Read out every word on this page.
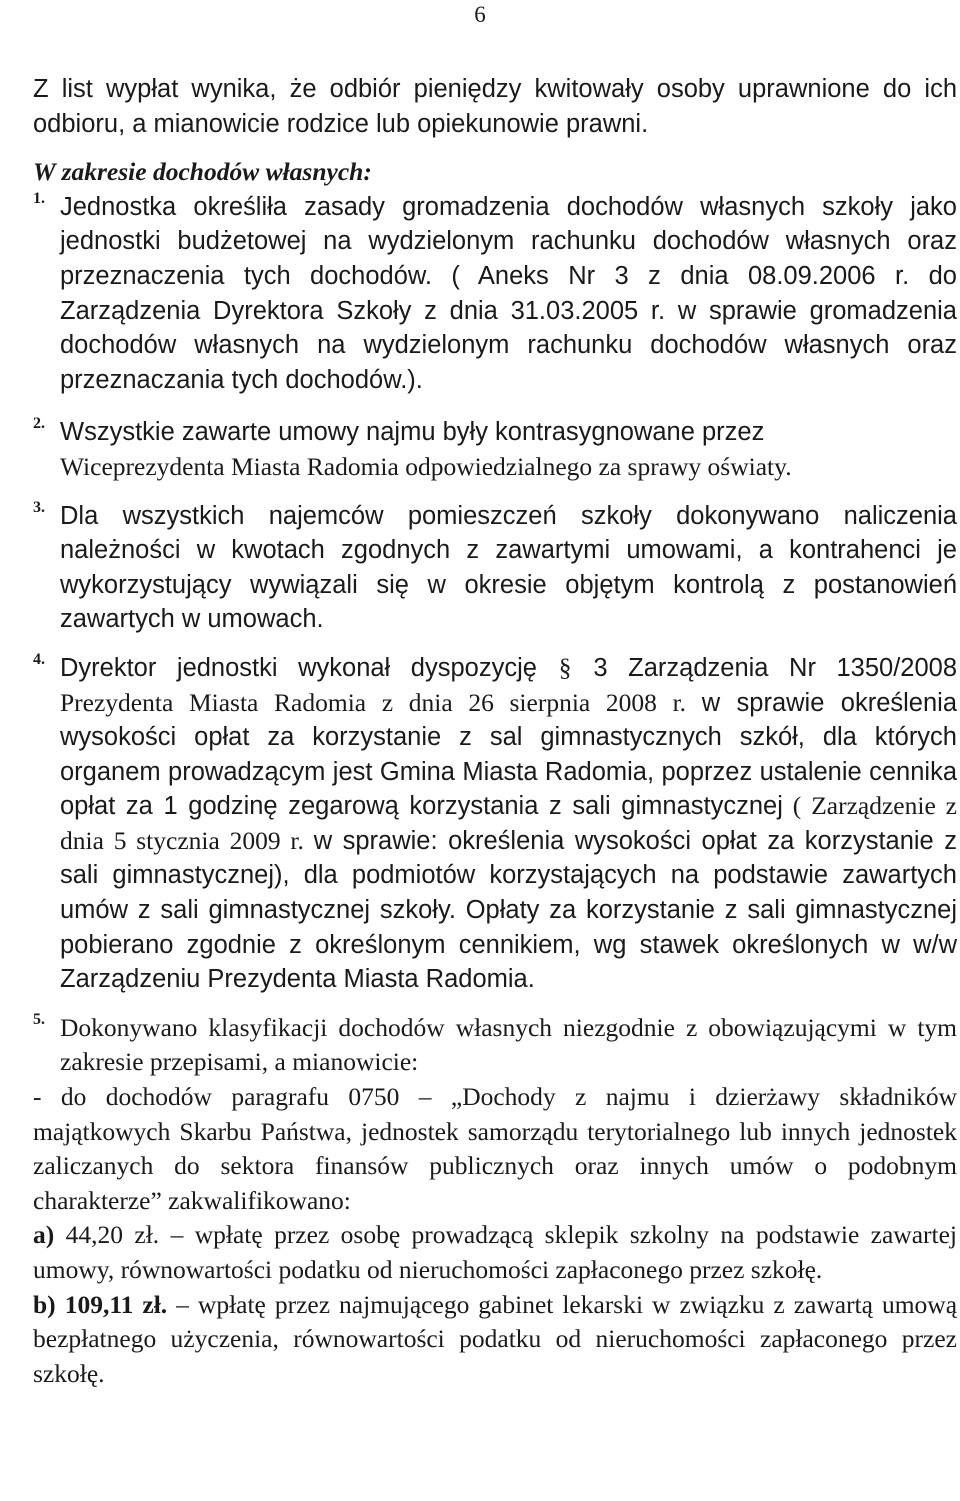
6

Z list wypłat wynika, że odbiór pieniędzy kwitowały osoby uprawnione do ich odbioru, a mianowicie rodzice lub opiekunowie prawni.

W zakresie dochodów własnych:

1. Jednostka określiła zasady gromadzenia dochodów własnych szkoły jako jednostki budżetowej na wydzielonym rachunku dochodów własnych oraz przeznaczenia tych dochodów. ( Aneks Nr 3 z dnia 08.09.2006 r. do Zarządzenia Dyrektora Szkoły z dnia 31.03.2005 r. w sprawie gromadzenia dochodów własnych na wydzielonym rachunku dochodów własnych oraz przeznaczania tych dochodów.).

2. Wszystkie zawarte umowy najmu były kontrasygnowane przez

Wiceprezydenta Miasta Radomia odpowiedzialnego za sprawy oświaty.

3. Dla wszystkich najemców pomieszczeń szkoły dokonywano naliczenia należności w kwotach zgodnych z zawartymi umowami, a kontrahenci je wykorzystujący wywiązali się w okresie objętym kontrolą z postanowień zawartych w umowach.

4. Dyrektor jednostki wykonał dyspozycję § 3 Zarządzenia Nr 1350/2008 Prezydenta Miasta Radomia z dnia 26 sierpnia 2008 r. w sprawie określenia wysokości opłat za korzystanie z sal gimnastycznych szkół, dla których organem prowadzącym jest Gmina Miasta Radomia, poprzez ustalenie cennika opłat za 1 godzinę zegarową korzystania z sali gimnastycznej ( Zarządzenie z dnia 5 stycznia 2009 r. w sprawie: określenia wysokości opłat za korzystanie z sali gimnastycznej), dla podmiotów korzystających na podstawie zawartych umów z sali gimnastycznej szkoły. Opłaty za korzystanie z sali gimnastycznej pobierano zgodnie z określonym cennikiem, wg stawek określonych w w/w Zarządzeniu Prezydenta Miasta Radomia.
5. Dokonywano klasyfikacji dochodów własnych niezgodnie z obowiązującymi w tym zakresie przepisami, a mianowicie:

- do dochodów paragrafu 0750 – „Dochody z najmu i dzierżawy składników majątkowych Skarbu Państwa, jednostek samorządu terytorialnego lub innych jednostek zaliczanych do sektora finansów publicznych oraz innych umów o podobnym charakterze” zakwalifikowano:

a) 44,20 zł. – wpłatę przez osobę prowadzącą sklepik szkolny na podstawie zawartej umowy, równowartości podatku od nieruchomości zapłaconego przez szkołę.
b) 109,11 zł. – wpłatę przez najmującego gabinet lekarski w związku z zawartą umową bezpłatnego użyczenia, równowartości podatku od nieruchomości zapłaconego przez szkołę.
